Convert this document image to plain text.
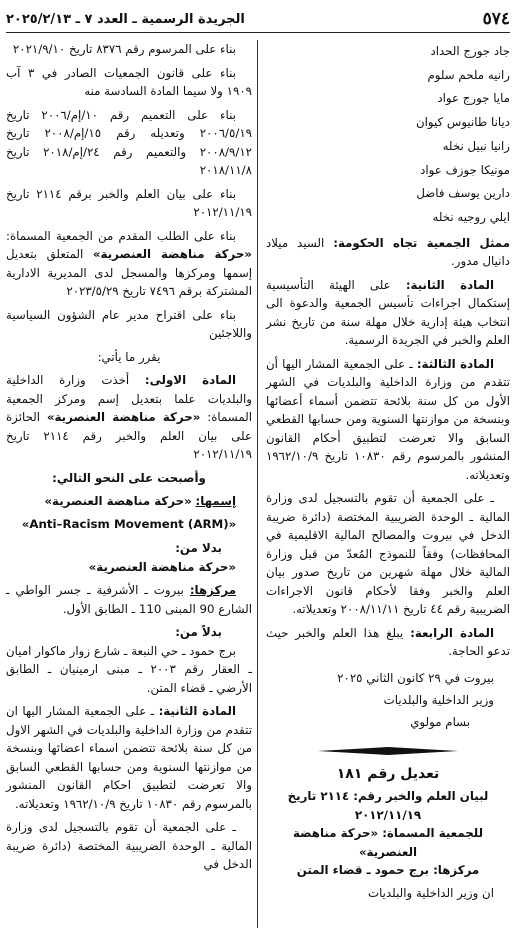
٥٧٤
الجريدة الرسمية ـ العدد ٧ ـ ٢٠٢٥/٢/١٣

جاد جورج الحداد

رانيه ملحم سلوم

مايا جورج عواد

ديانا طانيوس كيوان

رانيا نبيل نخله

مونيكا جوزف عواد

دارين يوسف فاضل

ايلي روجيه نخله

ممثل الجمعية تجاه الحكومة: السيد ميلاد دانيال مدور.

المادة الثانية: على الهيئة التأسيسية إستكمال اجراءات تأسيس الجمعية والدعوة الى انتخاب هيئة إدارية خلال مهلة سنة من تاريخ نشر العلم والخبر في الجريدة الرسمية.

المادة الثالثة: ـ على الجمعية المشار اليها أن تتقدم من وزارة الداخلية والبلديات في الشهر الأول من كل سنة بلائحة تتضمن أسماء أعضائها وبنسخة من موازنتها السنوية ومن حسابها القطعي السابق والا تعرضت لتطبيق أحكام القانون المنشور بالمرسوم رقم ١٠٨٣٠ تاريخ ١٩٦٢/١٠/٩ وتعديلاته.

ـ على الجمعية أن تقوم بالتسجيل لدى وزارة المالية ـ الوحدة الضريبية المختصة (دائرة ضريبة الدخل في بيروت والمصالح المالية الاقليمية في المحافظات) وفقاً للنموذج المُعدّ من قبل وزارة المالية خلال مهلة شهرين من تاريخ صدور بيان العلم والخبر وفقا لأحكام قانون الاجراءات الضريبية رقم ٤٤ تاريخ ٢٠٠٨/١١/١١ وتعديلاته.

المادة الرابعة: يبلغ هذا العلم والخبر حيث تدعو الحاجة.

بيروت في ٢٩ كانون الثاني ٢٠٢٥

وزير الداخلية والبلديات

بسام مولوي

تعديل رقم ١٨١

لبيان العلم والخبر رقم: ٢١١٤ تاريخ ٢٠١٢/١١/١٩

للجمعية المسماة: «حركة مناهضة العنصرية»

مركزها: برج حمود ـ قضاء المتن

ان وزير الداخلية والبلديات

بناء على المرسوم رقم ٨٣٧٦ تاريخ ٢٠٢١/٩/١٠

بناء على قانون الجمعيات الصادر في ٣ آب ١٩٠٩ ولا سيما المادة السادسة منه

بناء على التعميم رقم ١٠/إم/٢٠٠٦ تاريخ ٢٠٠٦/٥/١٩ وتعديله رقم ١٥/إم/٢٠٠٨ تاريخ ٢٠٠٨/٩/١٢ والتعميم رقم ٢٤/إم/٢٠١٨ تاريخ ٢٠١٨/١١/٨

بناء على بيان العلم والخبر برقم ٢١١٤ تاريخ ٢٠١٢/١١/١٩

بناء على الطلب المقدم من الجمعية المسماة: «حركة مناهضة العنصرية» المتعلق بتعديل إسمها ومركزها والمسجل لدى المديرية الادارية المشتركة برقم ٧٤٩٦ تاريخ ٢٠٢٣/٥/٢٩

بناء على اقتراح مدير عام الشؤون السياسية واللاجئين

يقرر ما يأتي:

المادة الاولى: أخذت وزارة الداخلية والبلديات علما بتعديل إسم ومركز الجمعية المسماة: «حركة مناهضة العنصرية» الحائزة على بيان العلم والخبر رقم ٢١١٤ تاريخ ٢٠١٢/١١/١٩

وأصبحت على النحو التالي:

إسمها: «حركة مناهضة العنصرية»

«Anti–Racism Movement (ARM)»

بدلا من:

«حركة مناهضة العنصرية»

مركزها: بيروت ـ الأشرفية ـ جسر الواطي ـ الشارع 90 المبنى 110 ـ الطابق الأول.

بدلاً من:

برج حمود ـ حي النبعة ـ شارع زوار ماكوار اميان ـ العقار رقم ٢٠٠٣ ـ مبنى ارمينيان ـ الطابق الأرضي ـ قضاء المتن.

المادة الثانية: ـ على الجمعية المشار اليها ان تتقدم من وزارة الداخلية والبلديات في الشهر الاول من كل سنة بلائحة تتضمن اسماء اعضائها وبنسخة من موازنتها السنوية ومن حسابها القطعي السابق والا تعرضت لتطبيق احكام القانون المنشور بالمرسوم رقم ١٠٨٣٠ تاريخ ١٩٦٢/١٠/٩ وتعديلاته.

ـ على الجمعية أن تقوم بالتسجيل لدى وزارة المالية ـ الوحدة الضريبية المختصة (دائرة ضريبة الدخل في
